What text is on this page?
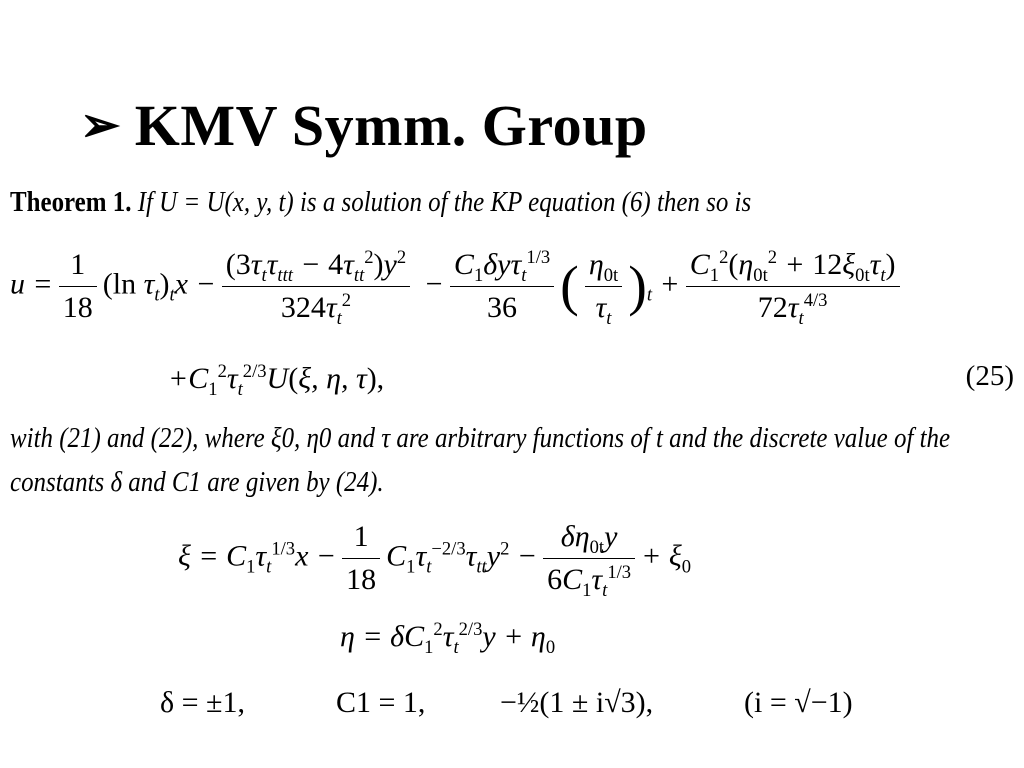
➢ KMV Symm. Group
Theorem 1. If U = U(x, y, t) is a solution of the KP equation (6) then so is
$u = \frac{1}{18} (\ln$ $\tau_t)_tx - \frac{(3\tau_t\tau_{ttt} - 4\tau_{tt}^2)y^2}{324\tau_t^2} - \frac{C_1\delta y\tau_t^{1/3}}{36}$ ( $\frac{\eta_{0t}}{\tau_t} )_t + \frac{C_1^2(\eta_{0t}^2 + 12\xi_{0t}\tau_t)}{72\tau_t^{4/3}}$
$+C_1^2\tau_t^{2/3}U(\xi$, η, τ),	(25)
with (21) and (22), where ξ0, η0 and τ are arbitrary functions of t and the discrete value of the
constants δ and C1 are given by (24).
$\xi = C_1\tau_t^{1/3}x - \frac{1}{18} C_1\tau_t^{-2/3}\tau_{tt}y^2 - \frac{\delta\eta_{0t}y}{6C_1\tau_t^{1/3}} + \xi_0$
$\eta = \delta C_1^2\tau_t^{2/3}y + \eta_0$
δ = ±1,	C1 = 1, −½(1 ± i√3),	(i = √−1)
